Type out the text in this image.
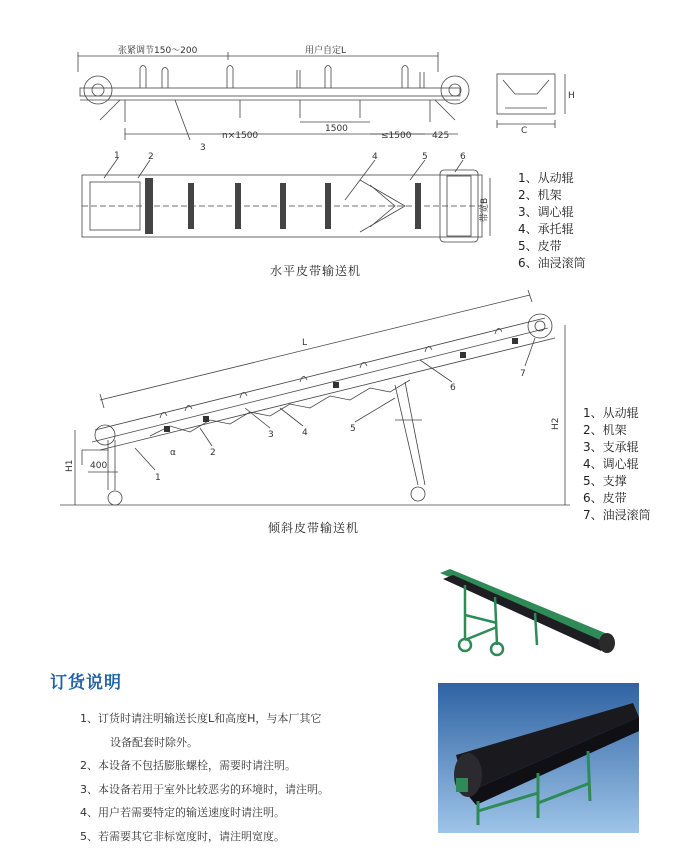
张紧调节150～200	用户自定L
n×1500
1500
≤1500 425
H
C
带宽B
3
1	2	4	5	6
1、从动辊
2、机架
3、调心辊
4、承托辊
5、皮带
6、油浸滚筒
水平皮带输送机
L
H1
H2
400
α
1
2
3	4	5
6
7
1、从动辊
2、机架
3、支承辊
4、调心辊
5、支撑
6、皮带
7、油浸滚筒
倾斜皮带输送机
订货说明
1、订货时请注明输送长度L和高度H，与本厂其它
设备配套时除外。
2、本设备不包括膨胀螺栓，需要时请注明。
3、本设备若用于室外比较恶劣的环境时，请注明。
4、用户若需要特定的输送速度时请注明。
5、若需要其它非标宽度时，请注明宽度。
